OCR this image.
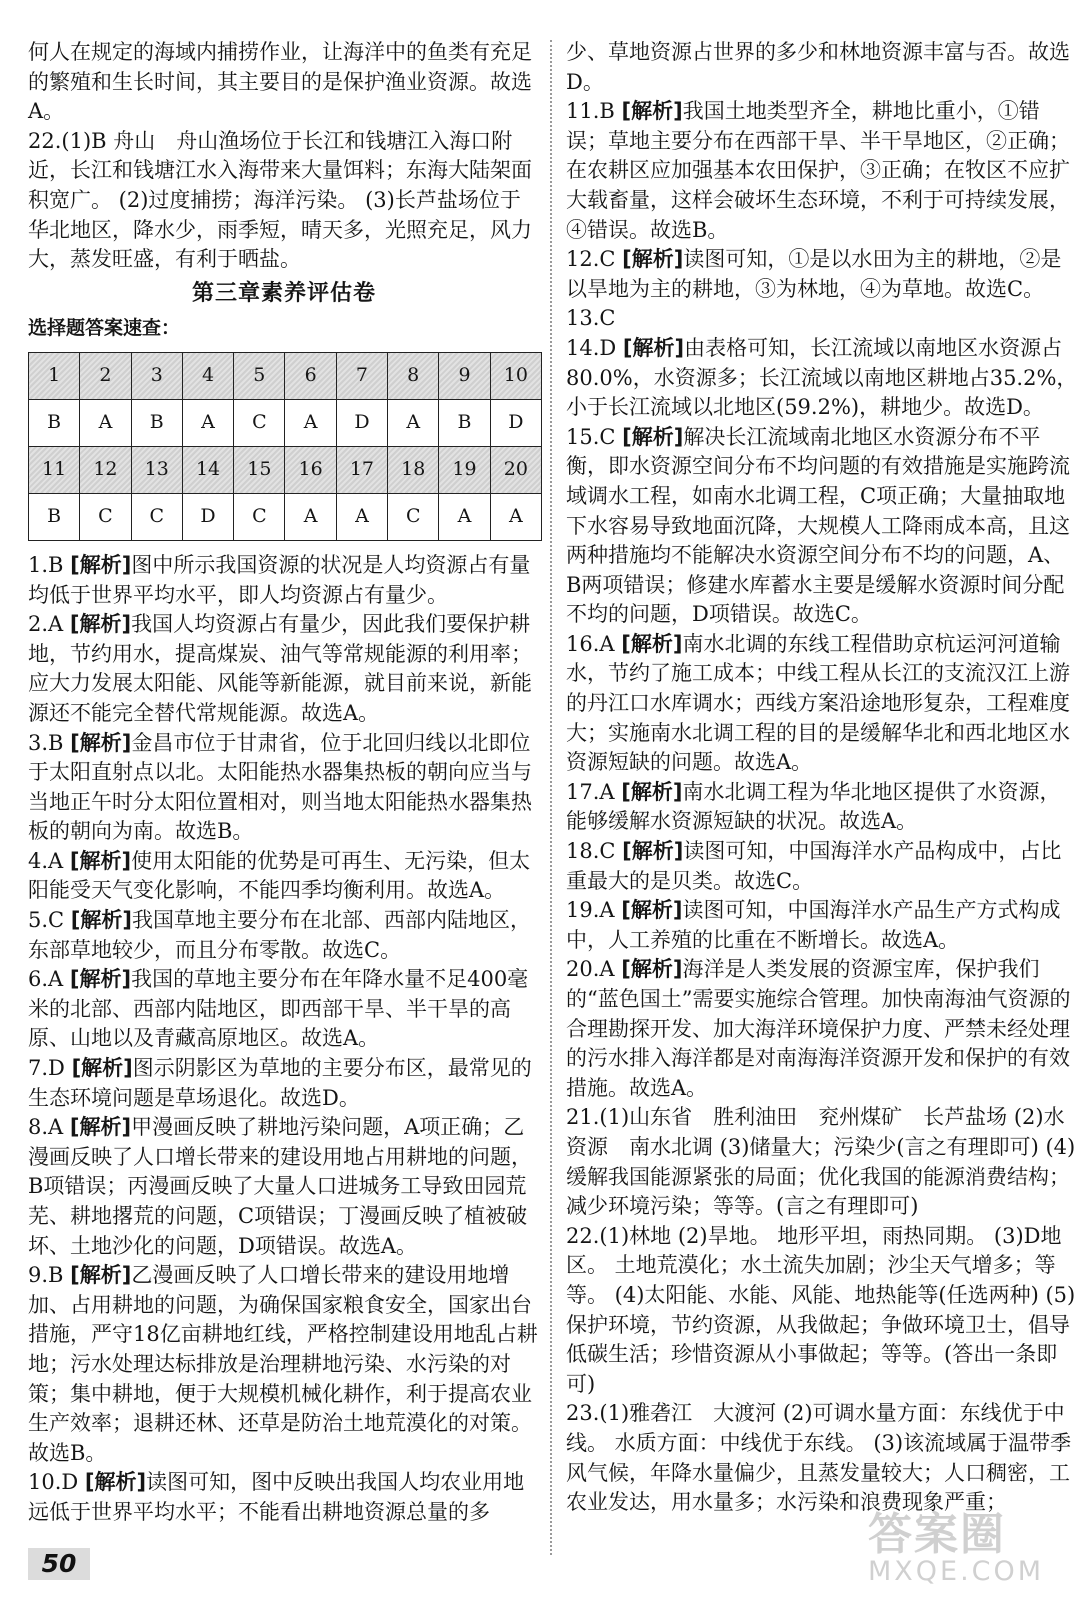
何人在规定的海域内捕捞作业，让海洋中的鱼类有充足的繁殖和生长时间，其主要目的是保护渔业资源。故选A。
22.(1)B 舟山　舟山渔场位于长江和钱塘江入海口附近，长江和钱塘江水入海带来大量饵料；东海大陆架面积宽广。 (2)过度捕捞；海洋污染。 (3)长芦盐场位于华北地区，降水少，雨季短，晴天多，光照充足，风力大，蒸发旺盛，有利于晒盐。
第三章素养评估卷
选择题答案速查：
1	2	3	4	5	6	7	8	9	10
B	A	B	A	C	A	D	A	B	D
11	12	13	14	15	16	17	18	19	20
B	C	C	D	C	A	A	C	A	A
1.B [解析]图中所示我国资源的状况是人均资源占有量均低于世界平均水平，即人均资源占有量少。
2.A [解析]我国人均资源占有量少，因此我们要保护耕地，节约用水，提高煤炭、油气等常规能源的利用率；应大力发展太阳能、风能等新能源，就目前来说，新能源还不能完全替代常规能源。故选A。
3.B [解析]金昌市位于甘肃省，位于北回归线以北即位于太阳直射点以北。太阳能热水器集热板的朝向应当与当地正午时分太阳位置相对，则当地太阳能热水器集热板的朝向为南。故选B。
4.A [解析]使用太阳能的优势是可再生、无污染，但太阳能受天气变化影响，不能四季均衡利用。故选A。
5.C [解析]我国草地主要分布在北部、西部内陆地区，东部草地较少，而且分布零散。故选C。
6.A [解析]我国的草地主要分布在年降水量不足400毫米的北部、西部内陆地区，即西部干旱、半干旱的高原、山地以及青藏高原地区。故选A。
7.D [解析]图示阴影区为草地的主要分布区，最常见的生态环境问题是草场退化。故选D。
8.A [解析]甲漫画反映了耕地污染问题，A项正确；乙漫画反映了人口增长带来的建设用地占用耕地的问题，B项错误；丙漫画反映了大量人口进城务工导致田园荒芜、耕地撂荒的问题，C项错误；丁漫画反映了植被破坏、土地沙化的问题，D项错误。故选A。
9.B [解析]乙漫画反映了人口增长带来的建设用地增加、占用耕地的问题，为确保国家粮食安全，国家出台措施，严守18亿亩耕地红线，严格控制建设用地乱占耕地；污水处理达标排放是治理耕地污染、水污染的对策；集中耕地，便于大规模机械化耕作，利于提高农业生产效率；退耕还林、还草是防治土地荒漠化的对策。故选B。
10.D [解析]读图可知，图中反映出我国人均农业用地远低于世界平均水平；不能看出耕地资源总量的多
少、草地资源占世界的多少和林地资源丰富与否。故选D。
11.B [解析]我国土地类型齐全，耕地比重小，①错误；草地主要分布在西部干旱、半干旱地区，②正确；在农耕区应加强基本农田保护，③正确；在牧区不应扩大载畜量，这样会破坏生态环境，不利于可持续发展，④错误。故选B。
12.C [解析]读图可知，①是以水田为主的耕地，②是以旱地为主的耕地，③为林地，④为草地。故选C。
13.C
14.D [解析]由表格可知，长江流域以南地区水资源占80.0%，水资源多；长江流域以南地区耕地占35.2%，小于长江流域以北地区(59.2%)，耕地少。故选D。
15.C [解析]解决长江流域南北地区水资源分布不平衡，即水资源空间分布不均问题的有效措施是实施跨流域调水工程，如南水北调工程，C项正确；大量抽取地下水容易导致地面沉降，大规模人工降雨成本高，且这两种措施均不能解决水资源空间分布不均的问题，A、B两项错误；修建水库蓄水主要是缓解水资源时间分配不均的问题，D项错误。故选C。
16.A [解析]南水北调的东线工程借助京杭运河河道输水，节约了施工成本；中线工程从长江的支流汉江上游的丹江口水库调水；西线方案沿途地形复杂，工程难度大；实施南水北调工程的目的是缓解华北和西北地区水资源短缺的问题。故选A。
17.A [解析]南水北调工程为华北地区提供了水资源，能够缓解水资源短缺的状况。故选A。
18.C [解析]读图可知，中国海洋水产品构成中，占比重最大的是贝类。故选C。
19.A [解析]读图可知，中国海洋水产品生产方式构成中，人工养殖的比重在不断增长。故选A。
20.A [解析]海洋是人类发展的资源宝库，保护我们的“蓝色国土”需要实施综合管理。加快南海油气资源的合理勘探开发、加大海洋环境保护力度、严禁未经处理的污水排入海洋都是对南海海洋资源开发和保护的有效措施。故选A。
21.(1)山东省　胜利油田　兖州煤矿　长芦盐场 (2)水资源　南水北调 (3)储量大；污染少(言之有理即可) (4)缓解我国能源紧张的局面；优化我国的能源消费结构；减少环境污染；等等。(言之有理即可)
22.(1)林地 (2)旱地。 地形平坦，雨热同期。 (3)D地区。 土地荒漠化；水土流失加剧；沙尘天气增多；等等。 (4)太阳能、水能、风能、地热能等(任选两种) (5)保护环境，节约资源，从我做起；争做环境卫士，倡导低碳生活；珍惜资源从小事做起；等等。(答出一条即可)
23.(1)雅砻江　大渡河 (2)可调水量方面：东线优于中线。 水质方面：中线优于东线。 (3)该流域属于温带季风气候，年降水量偏少，且蒸发量较大；人口稠密，工农业发达，用水量多；水污染和浪费现象严重；
50
答案圈
MXQE.COM
